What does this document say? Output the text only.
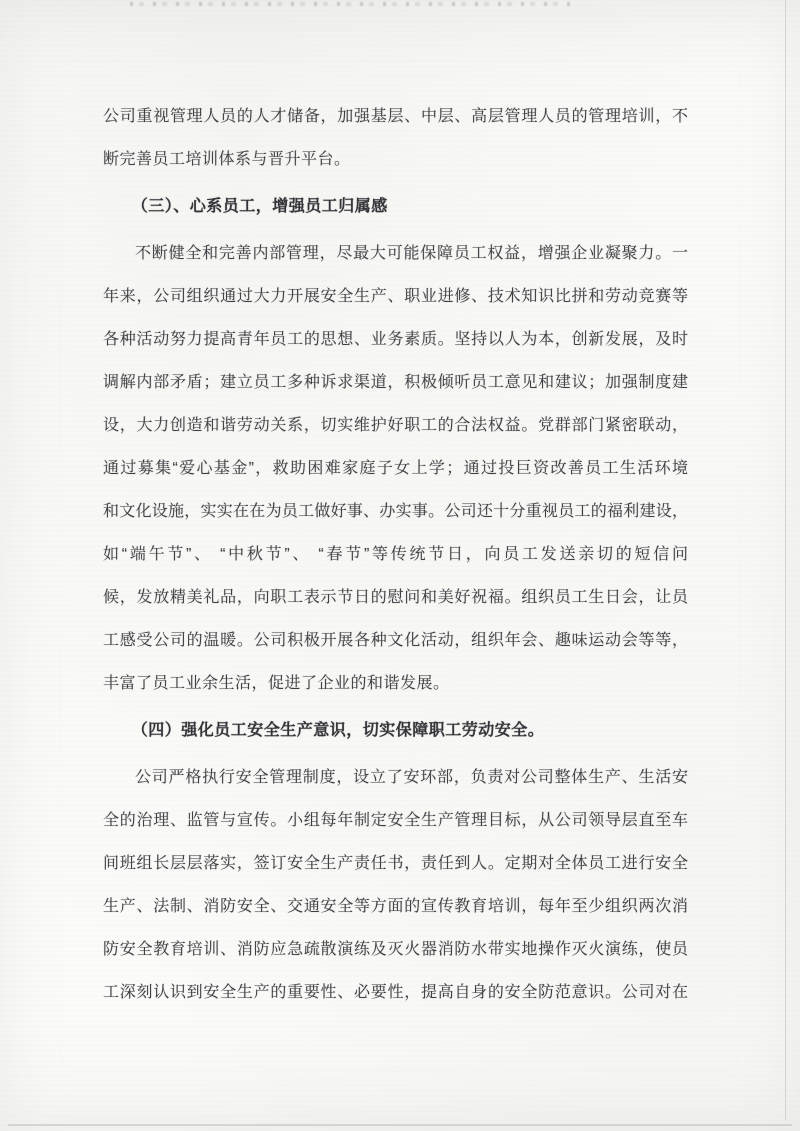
公司重视管理人员的人才储备，加强基层、中层、高层管理人员的管理培训，不
断完善员工培训体系与晋升平台。
（三）、心系员工，增强员工归属感
不断健全和完善内部管理，尽最大可能保障员工权益，增强企业凝聚力。一
年来，公司组织通过大力开展安全生产、职业进修、技术知识比拼和劳动竞赛等
各种活动努力提高青年员工的思想、业务素质。坚持以人为本，创新发展，及时
调解内部矛盾；建立员工多种诉求渠道，积极倾听员工意见和建议；加强制度建
设，大力创造和谐劳动关系，切实维护好职工的合法权益。党群部门紧密联动，
通过募集“爱心基金”，救助困难家庭子女上学；通过投巨资改善员工生活环境
和文化设施，实实在在为员工做好事、办实事。公司还十分重视员工的福利建设，
如“端午节”、 “中秋节”、 “春节”等传统节日，向员工发送亲切的短信问
候，发放精美礼品，向职工表示节日的慰问和美好祝福。组织员工生日会，让员
工感受公司的温暖。公司积极开展各种文化活动，组织年会、趣味运动会等等，
丰富了员工业余生活，促进了企业的和谐发展。
（四）强化员工安全生产意识，切实保障职工劳动安全。
公司严格执行安全管理制度，设立了安环部，负责对公司整体生产、生活安
全的治理、监管与宣传。小组每年制定安全生产管理目标，从公司领导层直至车
间班组长层层落实，签订安全生产责任书，责任到人。定期对全体员工进行安全
生产、法制、消防安全、交通安全等方面的宣传教育培训，每年至少组织两次消
防安全教育培训、消防应急疏散演练及灭火器消防水带实地操作灭火演练，使员
工深刻认识到安全生产的重要性、必要性，提高自身的安全防范意识。公司对在
